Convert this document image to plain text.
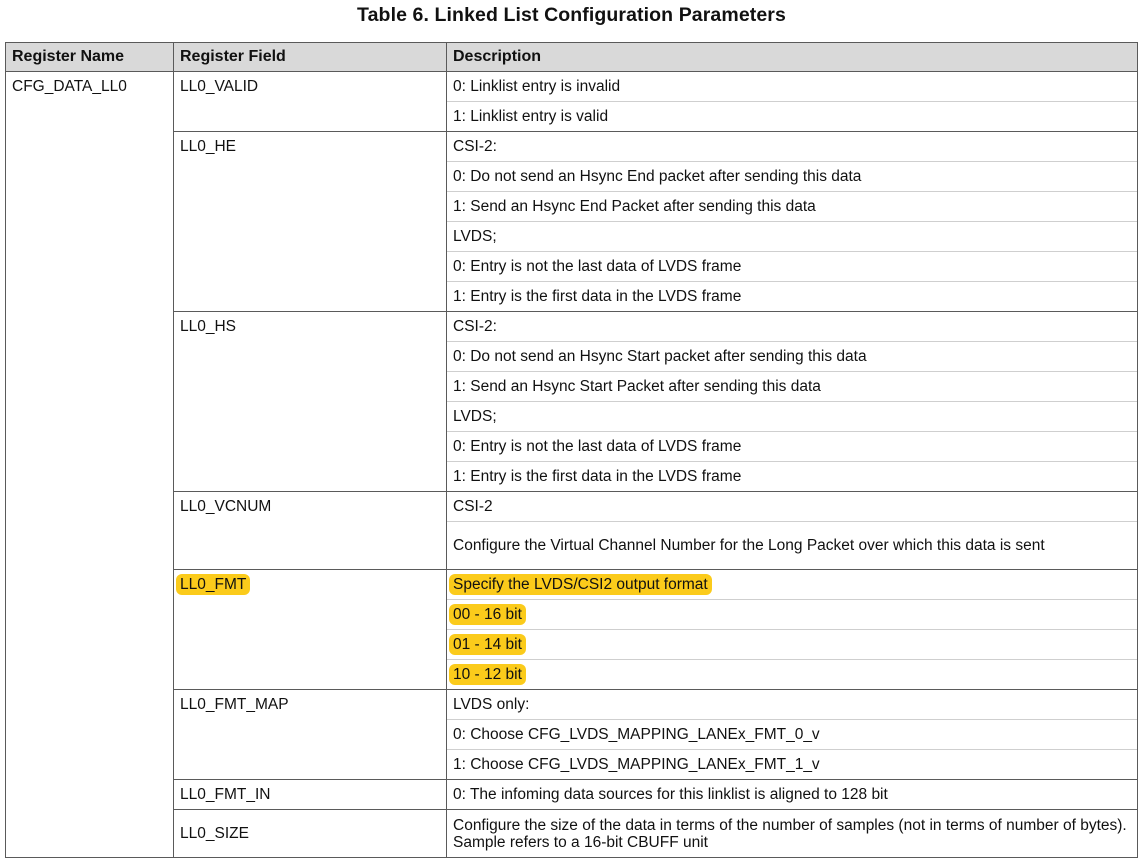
Table 6. Linked List Configuration Parameters
Register Name	Register Field	Description
CFG_DATA_LL0	LL0_VALID	0: Linklist entry is invalid
		1: Linklist entry is valid
	LL0_HE	CSI-2:
		0: Do not send an Hsync End packet after sending this data
		1: Send an Hsync End Packet after sending this data
		LVDS;
		0: Entry is not the last data of LVDS frame
		1: Entry is the first data in the LVDS frame
	LL0_HS	CSI-2:
		0: Do not send an Hsync Start packet after sending this data
		1: Send an Hsync Start Packet after sending this data
		LVDS;
		0: Entry is not the last data of LVDS frame
		1: Entry is the first data in the LVDS frame
	LL0_VCNUM	CSI-2
		Configure the Virtual Channel Number for the Long Packet over which this data is sent
	LL0_FMT	Specify the LVDS/CSI2 output format
		00 - 16 bit
		01 - 14 bit
		10 - 12 bit
	LL0_FMT_MAP	LVDS only:
		0: Choose CFG_LVDS_MAPPING_LANEx_FMT_0_v
		1: Choose CFG_LVDS_MAPPING_LANEx_FMT_1_v
	LL0_FMT_IN	0: The infoming data sources for this linklist is aligned to 128 bit
	LL0_SIZE	Configure the size of the data in terms of the number of samples (not in terms of number of bytes). Sample refers to a 16-bit CBUFF unit
